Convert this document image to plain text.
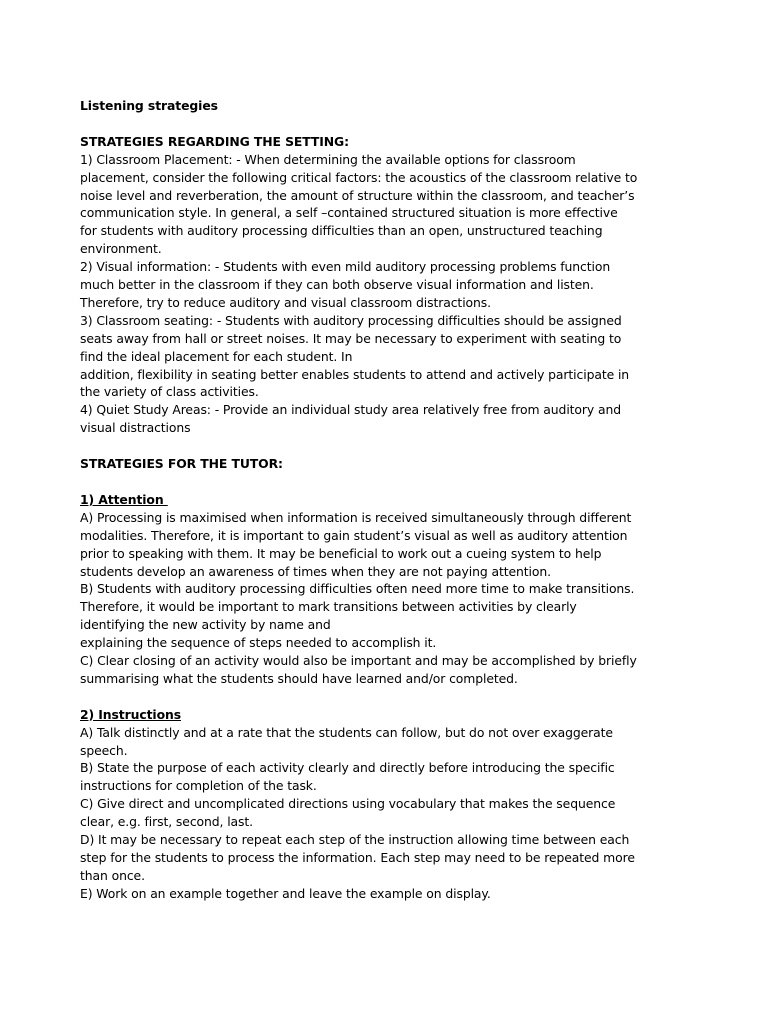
Listening strategies
STRATEGIES REGARDING THE SETTING:
1) Classroom Placement: - When determining the available options for classroom
placement, consider the following critical factors: the acoustics of the classroom relative to
noise level and reverberation, the amount of structure within the classroom, and teacher’s
communication style. In general, a self –contained structured situation is more effective
for students with auditory processing difficulties than an open, unstructured teaching
environment.
2) Visual information: - Students with even mild auditory processing problems function
much better in the classroom if they can both observe visual information and listen.
Therefore, try to reduce auditory and visual classroom distractions.
3) Classroom seating: - Students with auditory processing difficulties should be assigned
seats away from hall or street noises. It may be necessary to experiment with seating to
find the ideal placement for each student. In
addition, flexibility in seating better enables students to attend and actively participate in
the variety of class activities.
4) Quiet Study Areas: - Provide an individual study area relatively free from auditory and
visual distractions
STRATEGIES FOR THE TUTOR:
1) Attention
A) Processing is maximised when information is received simultaneously through different
modalities. Therefore, it is important to gain student’s visual as well as auditory attention
prior to speaking with them. It may be beneficial to work out a cueing system to help
students develop an awareness of times when they are not paying attention.
B) Students with auditory processing difficulties often need more time to make transitions.
Therefore, it would be important to mark transitions between activities by clearly
identifying the new activity by name and
explaining the sequence of steps needed to accomplish it.
C) Clear closing of an activity would also be important and may be accomplished by briefly
summarising what the students should have learned and/or completed.
2) Instructions
A) Talk distinctly and at a rate that the students can follow, but do not over exaggerate
speech.
B) State the purpose of each activity clearly and directly before introducing the specific
instructions for completion of the task.
C) Give direct and uncomplicated directions using vocabulary that makes the sequence
clear, e.g. first, second, last.
D) It may be necessary to repeat each step of the instruction allowing time between each
step for the students to process the information. Each step may need to be repeated more
than once.
E) Work on an example together and leave the example on display.
